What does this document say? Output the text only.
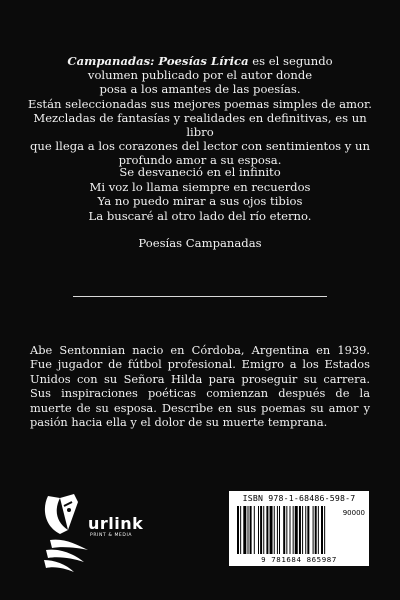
Campanadas: Poesías Lírica es el segundo

volumen publicado por el autor donde

posa a los amantes de las poesías.

Están seleccionadas sus mejores poemas simples de amor.

Mezcladas de fantasías y realidades en definitivas, es un libro

que llega a los corazones del lector con sentimientos y un

profundo amor a su esposa.

Se desvaneció en el infinito
Mi voz lo llama siempre en recuerdos
Ya no puedo mirar a sus ojos tibios
La buscaré al otro lado del río eterno.
Poesías Campanadas
Abe Sentonnian nacio en Córdoba, Argentina en 1939. Fue jugador de fútbol profesional. Emigro a los Estados Unidos con su Señora Hilda para proseguir su carrera. Sus inspiraciones poéticas comienzan después de la muerte de su esposa. Describe en sus poemas su amor y pasión hacia ella y el dolor de su muerte temprana.
urlink
PRINT & MEDIA
ISBN 978-1-68486-598-7
90000
9 781684 865987
